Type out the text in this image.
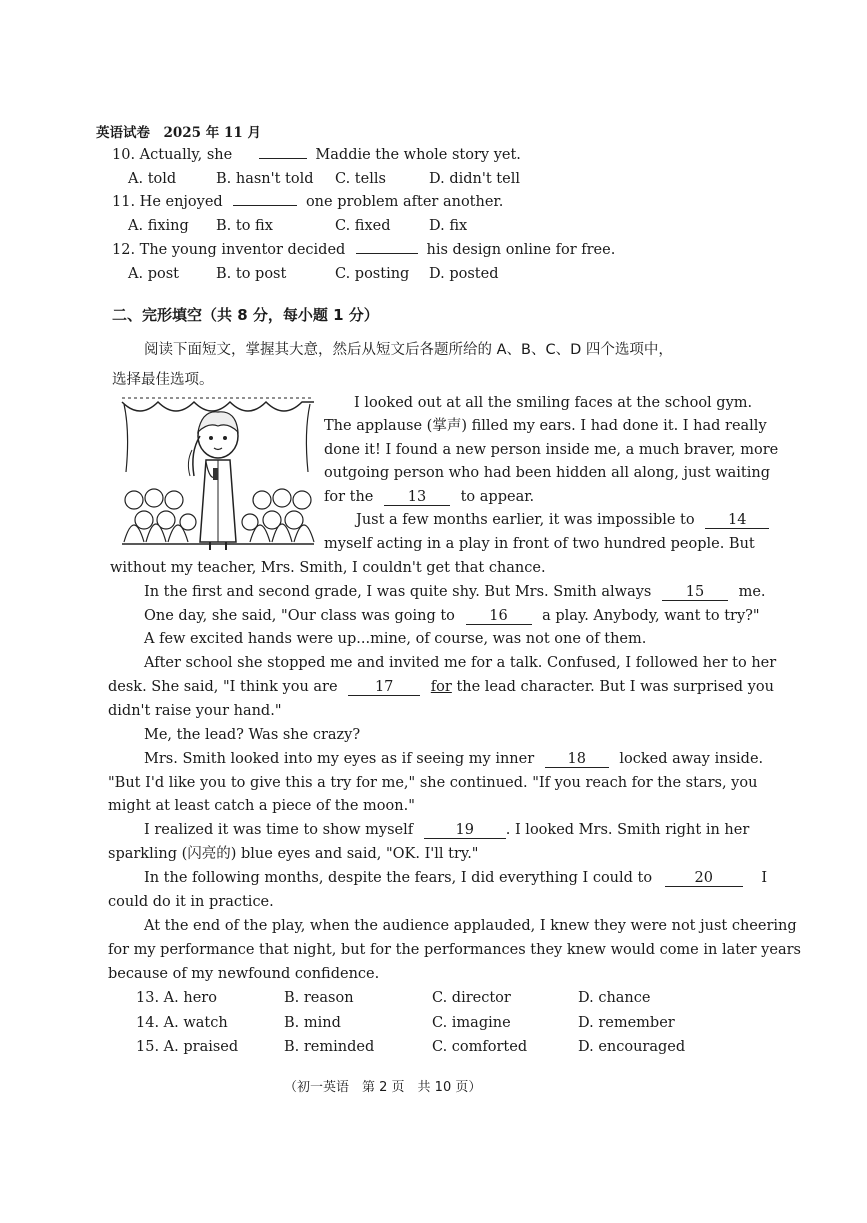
英语试卷　2025 年 11 月
10. Actually, she	Maddie the whole story yet.
A. told	B. hasn't told C. tells	D. didn't tell
11. He enjoyed	one problem after another.
A. fixing B. to fix	C. fixed	D. fix
12. The young inventor decided	his design online for free.
A. post	B. to post	C. posting D. posted
二、完形填空（共 8 分，每小题 1 分）
阅读下面短文，掌握其大意，然后从短文后各题所给的 A、B、C、D 四个选项中，
选择最佳选项。
I looked out at all the smiling faces at the school gym.
The applause (掌声) filled my ears. I had done it. I had really
done it! I found a new person inside me, a much braver, more
outgoing person who had been hidden all along, just waiting
for the 13 to appear.
Just a few months earlier, it was impossible to 14
myself acting in a play in front of two hundred people. But
without my teacher, Mrs. Smith, I couldn't get that chance.
In the first and second grade, I was quite shy. But Mrs. Smith always 15 me.
One day, she said, "Our class was going to 16 a play. Anybody, want to try?"
A few excited hands were up...mine, of course, was not one of them.
After school she stopped me and invited me for a talk. Confused, I followed her to her
desk. She said, "I think you are	17	for the lead character. But I was surprised you
didn't raise your hand."
Me, the lead? Was she crazy?
Mrs. Smith looked into my eyes as if seeing my inner 18 locked away inside.
"But I'd like you to give this a try for me," she continued. "If you reach for the stars, you
might at least catch a piece of the moon."
I realized it was time to show myself	19 . I looked Mrs. Smith right in her
sparkling (闪亮的) blue eyes and said, "OK. I'll try."
In the following months, despite the fears, I did everything I could to	20	I
could do it in practice.
At the end of the play, when the audience applauded, I knew they were not just cheering
for my performance that night, but for the performances they knew would come in later years
because of my newfound confidence.
13. A. hero	B. reason	C. director	D. chance
14. A. watch	B. mind	C. imagine	D. remember
15. A. praised	B. reminded	C. comforted	D. encouraged
（初一英语　第 2 页　共 10 页）
